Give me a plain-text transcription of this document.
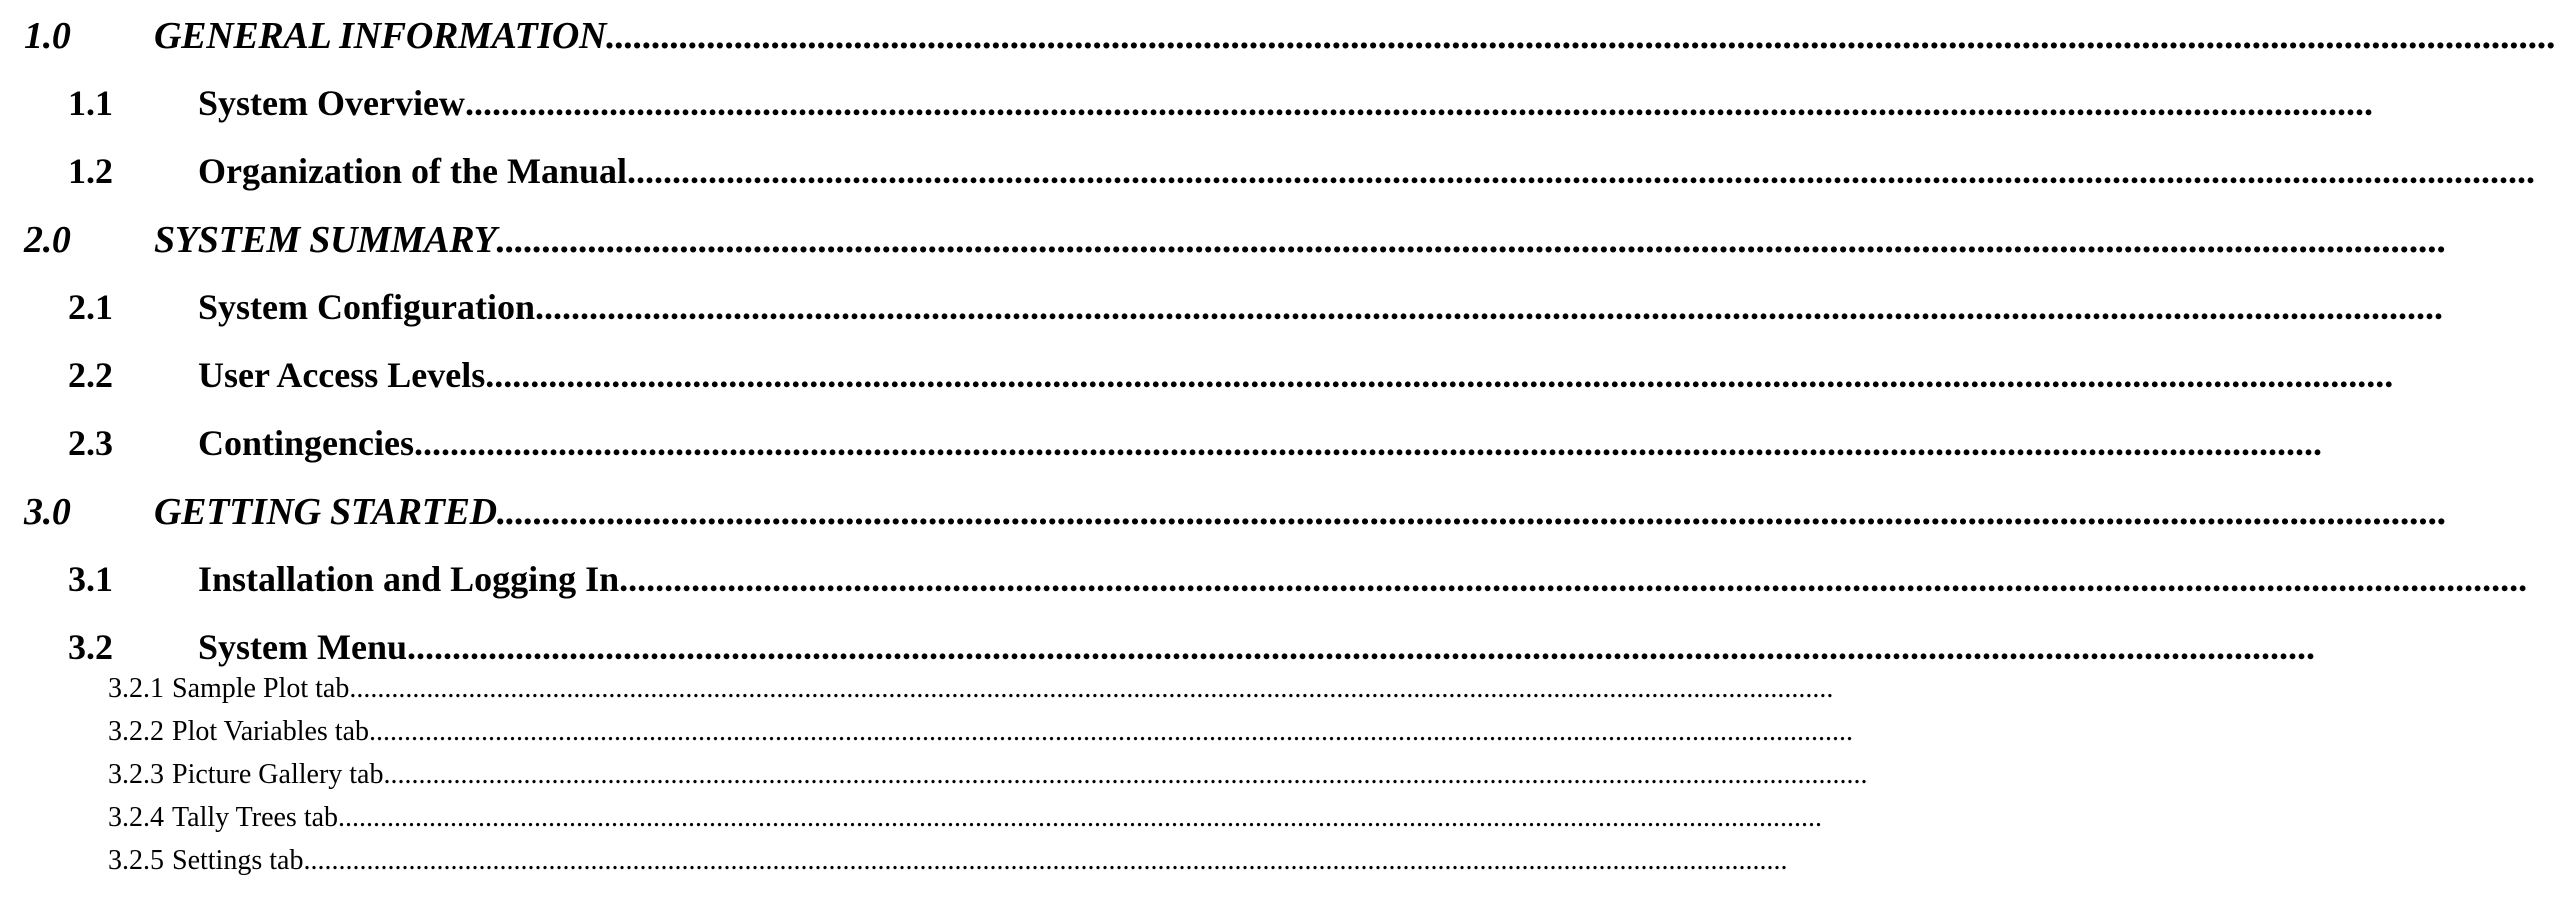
1.0	GENERAL INFORMATION ....................................................................................................................................................................................................................
1.1	System Overview ....................................................................................................................................................................................................................
1.2	Organization of the Manual ....................................................................................................................................................................................................................
2.0	SYSTEM SUMMARY ....................................................................................................................................................................................................................
2.1	System Configuration ....................................................................................................................................................................................................................
2.2	User Access Levels ....................................................................................................................................................................................................................
2.3	Contingencies ....................................................................................................................................................................................................................
3.0	GETTING STARTED ....................................................................................................................................................................................................................
3.1	Installation and Logging In ....................................................................................................................................................................................................................
3.2	System Menu ....................................................................................................................................................................................................................
3.2.1 Sample Plot tab ....................................................................................................................................................................................................................
3.2.2 Plot Variables tab ....................................................................................................................................................................................................................
3.2.3 Picture Gallery tab ....................................................................................................................................................................................................................
3.2.4 Tally Trees tab ....................................................................................................................................................................................................................
3.2.5 Settings tab ....................................................................................................................................................................................................................
